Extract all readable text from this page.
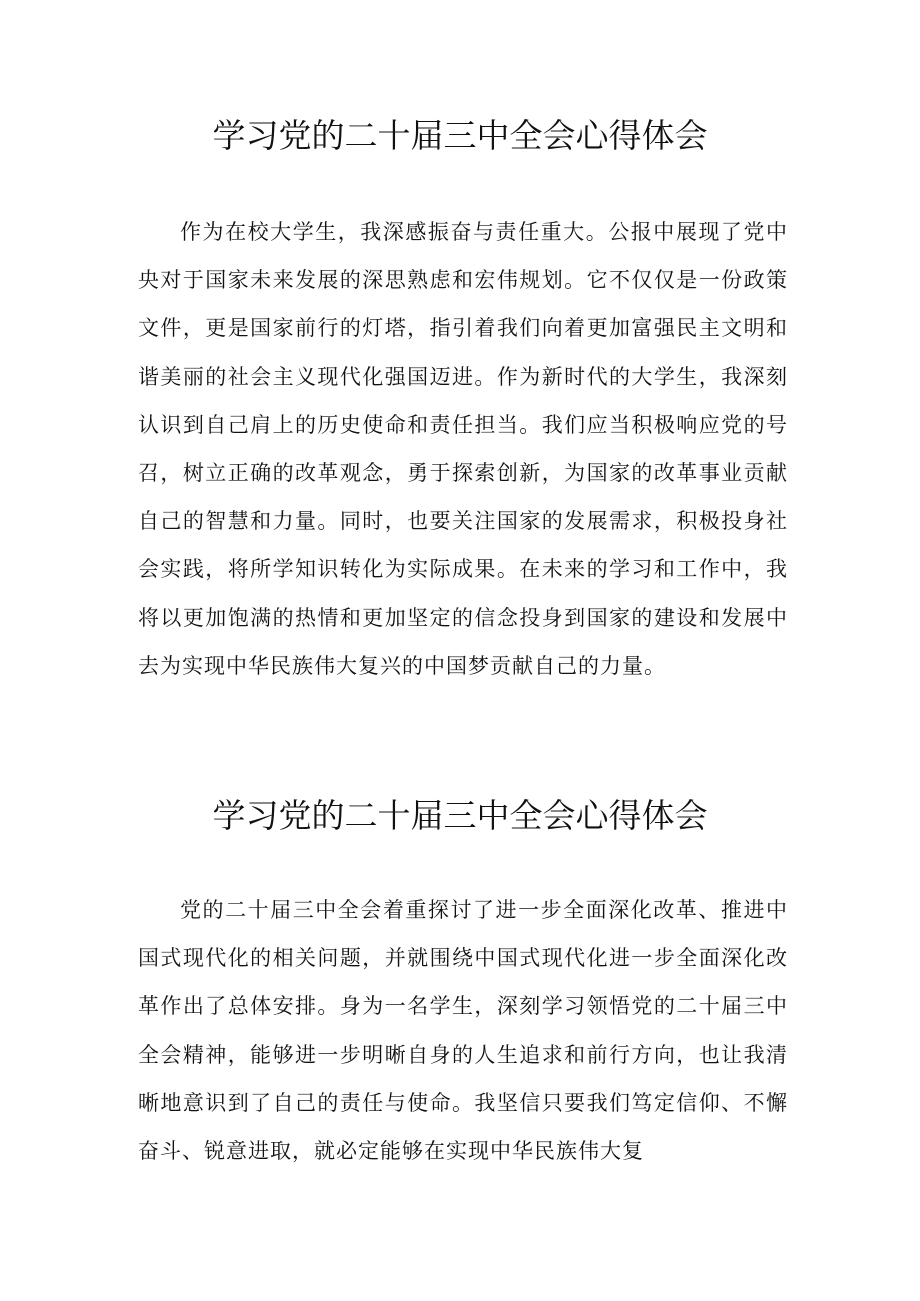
学习党的二十届三中全会心得体会

作为在校大学生，我深感振奋与责任重大。公报中展现了党中央对于国家未来发展的深思熟虑和宏伟规划。它不仅仅是一份政策文件，更是国家前行的灯塔，指引着我们向着更加富强民主文明和谐美丽的社会主义现代化强国迈进。作为新时代的大学生，我深刻认识到自己肩上的历史使命和责任担当。我们应当积极响应党的号召，树立正确的改革观念，勇于探索创新，为国家的改革事业贡献自己的智慧和力量。同时，也要关注国家的发展需求，积极投身社会实践，将所学知识转化为实际成果。在未来的学习和工作中，我将以更加饱满的热情和更加坚定的信念投身到国家的建设和发展中去为实现中华民族伟大复兴的中国梦贡献自己的力量。

学习党的二十届三中全会心得体会

党的二十届三中全会着重探讨了进一步全面深化改革、推进中国式现代化的相关问题，并就围绕中国式现代化进一步全面深化改革作出了总体安排。身为一名学生，深刻学习领悟党的二十届三中全会精神，能够进一步明晰自身的人生追求和前行方向，也让我清晰地意识到了自己的责任与使命。我坚信只要我们笃定信仰、不懈奋斗、锐意进取，就必定能够在实现中华民族伟大复
